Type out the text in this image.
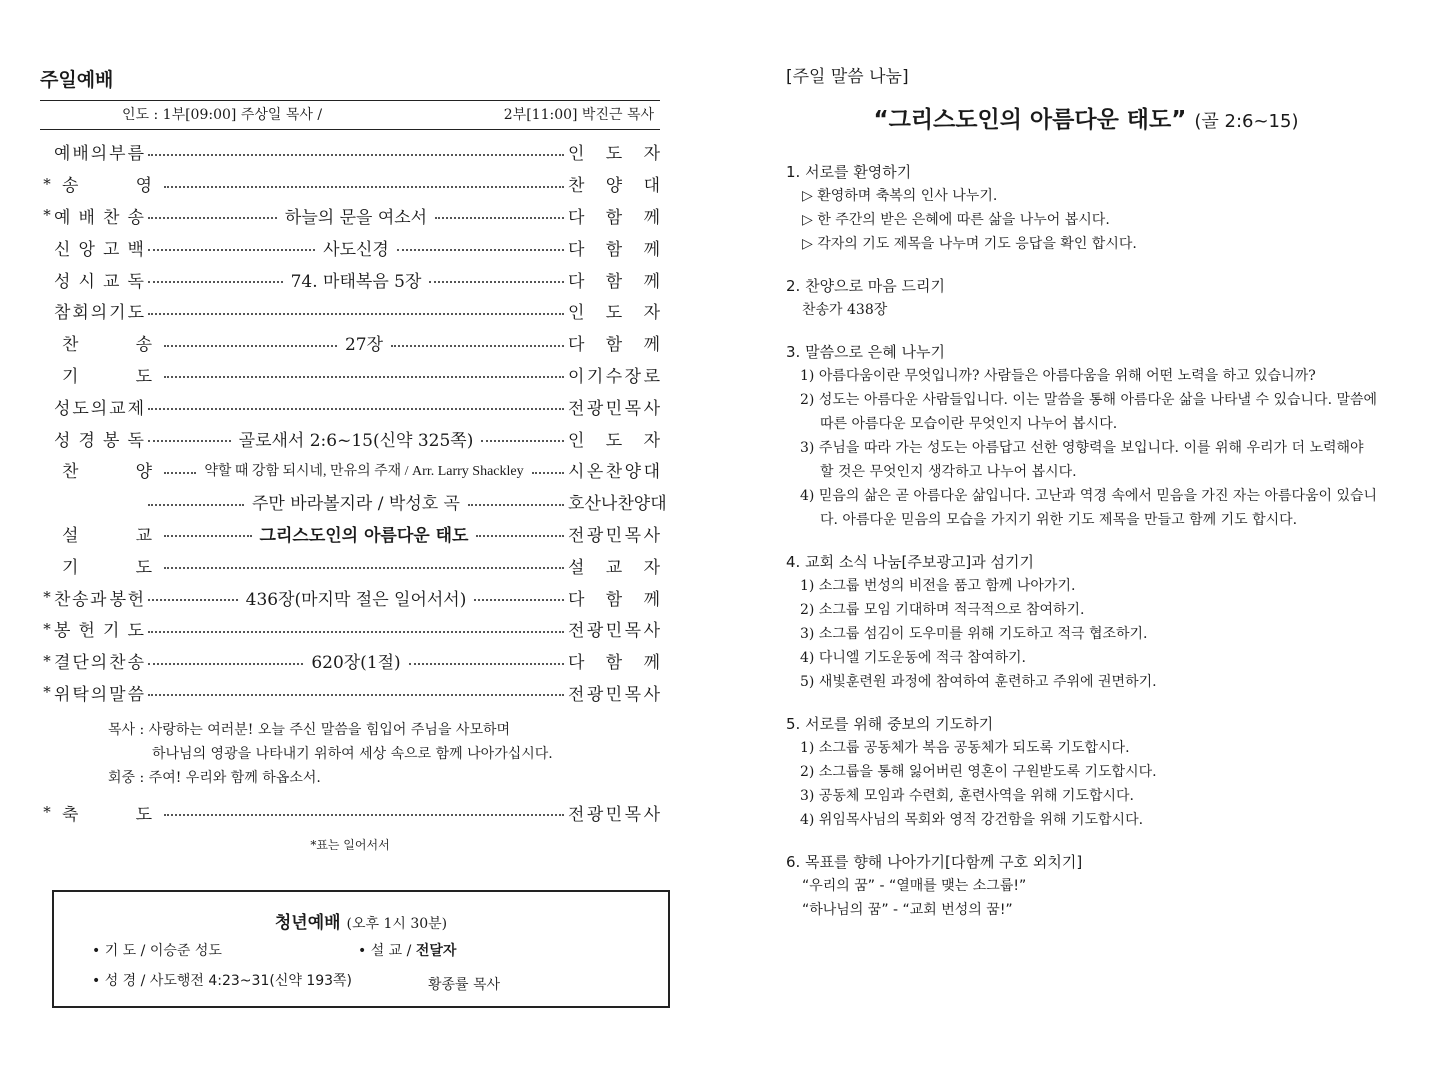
주일예배
인도 : 1부[09:00] 주상일 목사 /	2부[11:00] 박진근 목사
예 배 의 부 름	인 도 자
* 송	영	찬 양 대
* 예 배 찬 송	하늘의 문을 여소서	다 함 께
신 앙 고 백	사도신경	다 함 께
성 시 교 독	74. 마태복음 5장	다 함 께
참 회 의 기 도	인 도 자
찬	송	27장	다 함 께
기	도	이 기 수 장 로
성 도 의 교 제	전 광 민 목 사
성 경 봉 독	골로새서 2:6~15(신약 325쪽)	인 도 자
찬	양	약할 때 강함 되시네, 만유의 주재 / Arr. Larry Shackley	시 온 찬 양 대
주만 바라볼지라 / 박성호 곡	호 산 나 찬 양 대
설	교	그리스도인의 아름다운 태도	전 광 민 목 사
기	도	설 교 자
* 찬 송 과 봉 헌	436장(마지막 절은 일어서서)	다 함 께
* 봉 헌 기 도	전 광 민 목 사
* 결 단 의 찬 송	620장(1절)	다 함 께
* 위 탁 의 말 씀	전 광 민 목 사
목사 : 사랑하는 여러분! 오늘 주신 말씀을 힘입어 주님을 사모하며
하나님의 영광을 나타내기 위하여 세상 속으로 함께 나아가십시다.
회중 : 주여! 우리와 함께 하옵소서.
* 축	도	전 광 민 목 사
*표는 일어서서
청년예배 (오후 1시 30분)
• 기 도 / 이승준 성도	• 설 교 / 전달자
• 성 경 / 사도행전 4:23~31(신약 193쪽)	황종률 목사
[주일 말씀 나눔]
“그리스도인의 아름다운 태도” (골 2:6~15)
1. 서로를 환영하기
▷ 환영하며 축복의 인사 나누기.
▷ 한 주간의 받은 은혜에 따른 삶을 나누어 봅시다.
▷ 각자의 기도 제목을 나누며 기도 응답을 확인 합시다.
2. 찬양으로 마음 드리기
찬송가 438장
3. 말씀으로 은혜 나누기
1) 아름다움이란 무엇입니까? 사람들은 아름다움을 위해 어떤 노력을 하고 있습니까?
2) 성도는 아름다운 사람들입니다. 이는 말씀을 통해 아름다운 삶을 나타낼 수 있습니다. 말씀에 따른 아름다운 모습이란 무엇인지 나누어 봅시다.
3) 주님을 따라 가는 성도는 아름답고 선한 영향력을 보입니다. 이를 위해 우리가 더 노력해야 할 것은 무엇인지 생각하고 나누어 봅시다.
4) 믿음의 삶은 곧 아름다운 삶입니다. 고난과 역경 속에서 믿음을 가진 자는 아름다움이 있습니다. 아름다운 믿음의 모습을 가지기 위한 기도 제목을 만들고 함께 기도 합시다.
4. 교회 소식 나눔[주보광고]과 섬기기
1) 소그룹 번성의 비전을 품고 함께 나아가기.
2) 소그룹 모임 기대하며 적극적으로 참여하기.
3) 소그룹 섬김이 도우미를 위해 기도하고 적극 협조하기.
4) 다니엘 기도운동에 적극 참여하기.
5) 새빛훈련원 과정에 참여하여 훈련하고 주위에 권면하기.
5. 서로를 위해 중보의 기도하기
1) 소그룹 공동체가 복음 공동체가 되도록 기도합시다.
2) 소그룹을 통해 잃어버린 영혼이 구원받도록 기도합시다.
3) 공동체 모임과 수련회, 훈련사역을 위해 기도합시다.
4) 위임목사님의 목회와 영적 강건함을 위해 기도합시다.
6. 목표를 향해 나아가기[다함께 구호 외치기]
“우리의 꿈” - “열매를 맺는 소그룹!”
“하나님의 꿈” - “교회 번성의 꿈!”
